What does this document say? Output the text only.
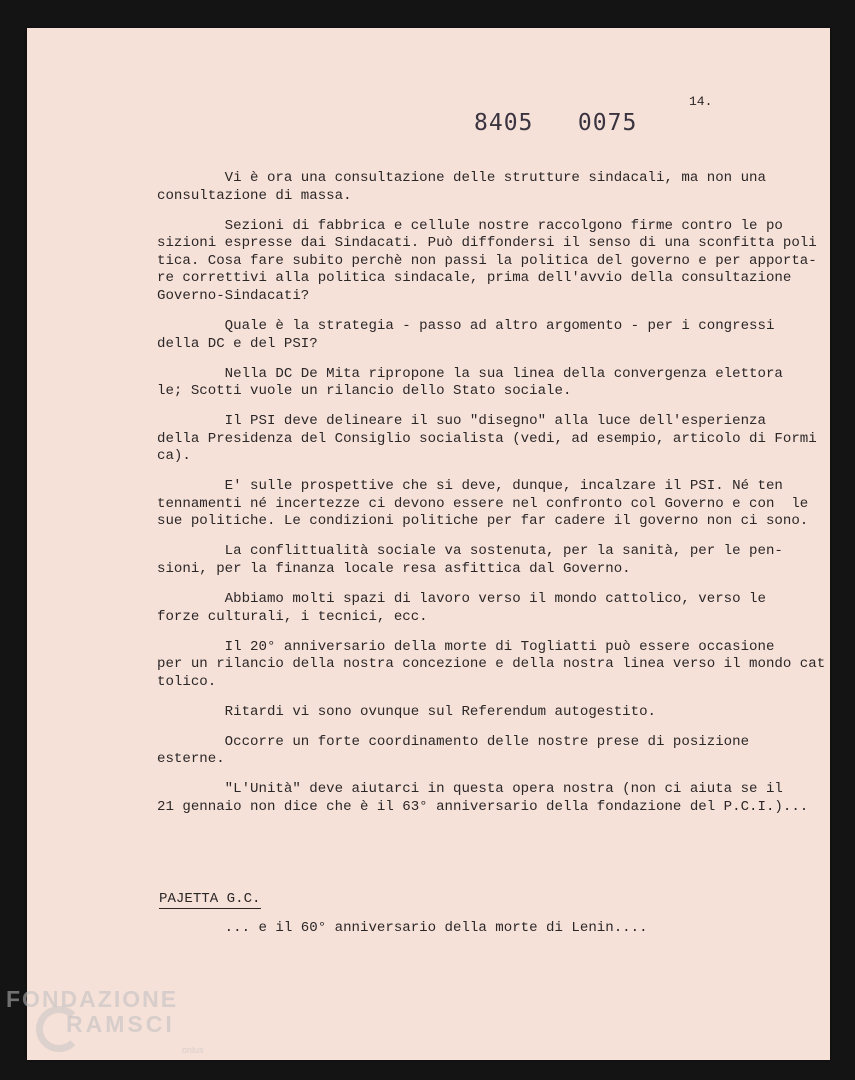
14.
8405   0075

Vi è ora una consultazione delle strutture sindacali, ma non una
consultazione di massa.

Sezioni di fabbrica e cellule nostre raccolgono firme contro le po
sizioni espresse dai Sindacati. Può diffondersi il senso di una sconfitta poli
tica. Cosa fare subito perchè non passi la politica del governo e per apporta-
re correttivi alla politica sindacale, prima dell'avvio della consultazione
Governo-Sindacati?

Quale è la strategia - passo ad altro argomento - per i congressi
della DC e del PSI?

Nella DC De Mita ripropone la sua linea della convergenza elettora
le; Scotti vuole un rilancio dello Stato sociale.

Il PSI deve delineare il suo "disegno" alla luce dell'esperienza
della Presidenza del Consiglio socialista (vedi, ad esempio, articolo di Formi
ca).

E' sulle prospettive che si deve, dunque, incalzare il PSI. Né ten
tennamenti né incertezze ci devono essere nel confronto col Governo e con  le
sue politiche. Le condizioni politiche per far cadere il governo non ci sono.

La conflittualità sociale va sostenuta, per la sanità, per le pen-
sioni, per la finanza locale resa asfittica dal Governo.

Abbiamo molti spazi di lavoro verso il mondo cattolico, verso le
forze culturali, i tecnici, ecc.

Il 20° anniversario della morte di Togliatti può essere occasione
per un rilancio della nostra concezione e della nostra linea verso il mondo cat
tolico.

Ritardi vi sono ovunque sul Referendum autogestito.

Occorre un forte coordinamento delle nostre prese di posizione
esterne.

"L'Unità" deve aiutarci in questa opera nostra (non ci aiuta se il
21 gennaio non dice che è il 63° anniversario della fondazione del P.C.I.)...

PAJETTA G.C.
... e il 60° anniversario della morte di Lenin....
FONDAZIONE
RAMSCI
onlus
